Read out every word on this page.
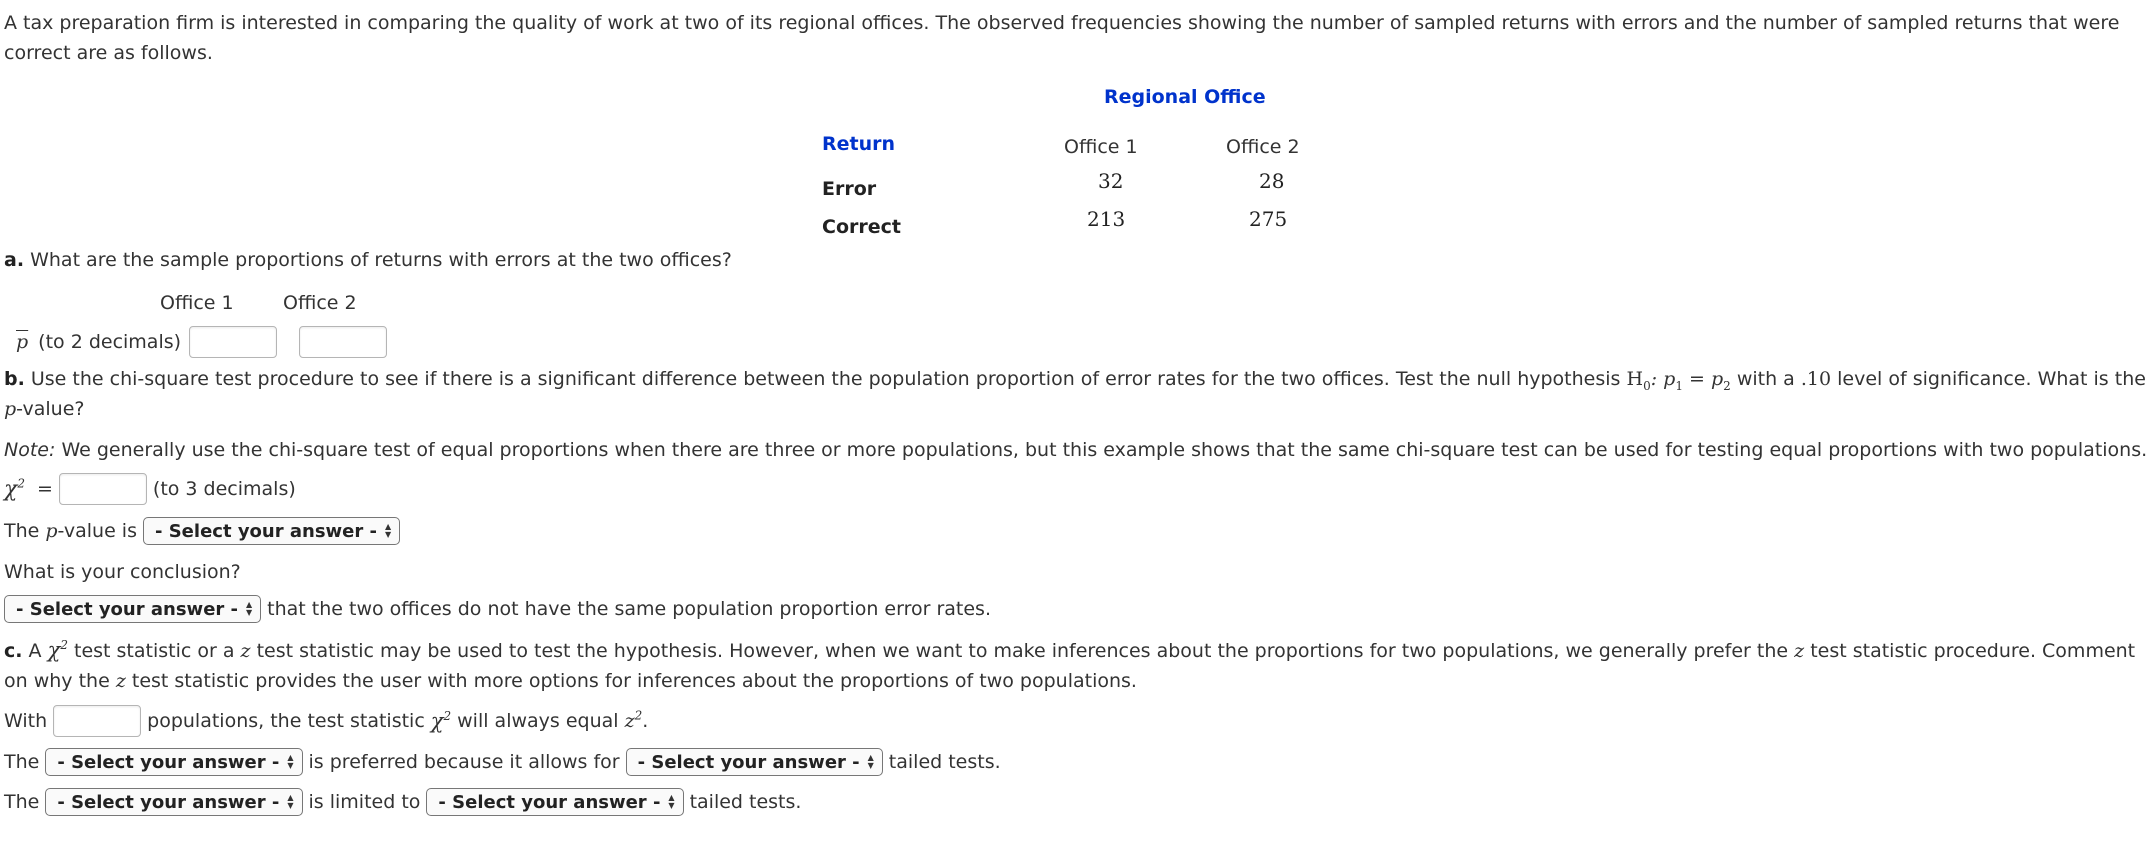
A tax preparation firm is interested in comparing the quality of work at two of its regional offices. The observed frequencies showing the number of sampled returns with errors and the number of sampled returns that were correct are as follows.
Regional Office
Return	Office 1	Office 2
Error	32	28
Correct	213	275
a. What are the sample proportions of returns with errors at the two offices?
Office 1	Office 2
$\overline{p}$ (to 2 decimals)
b. Use the chi-square test procedure to see if there is a significant difference between the population proportion of error rates for the two offices. Test the null hypothesis $H_0$: $p_1 = p_2$ with a .10 level of significance. What is the p-value?
Note: We generally use the chi-square test of equal proportions when there are three or more populations, but this example shows that the same chi-square test can be used for testing equal proportions with two populations.
$\chi^2$ =	(to 3 decimals)
The p -value is - Select your answer - ▲
▼
What is your conclusion?
- Select your answer - ▲
▼ that the two offices do not have the same population proportion error rates.
c. A $\chi^2$ test statistic or a z test statistic may be used to test the hypothesis. However, when we want to make inferences about the proportions for two populations, we generally prefer the z test statistic procedure. Comment on why the z test statistic provides the user with more options for inferences about the proportions of two populations.
With	populations, the test statistic $\chi^2$ will always equal $z^2$ .
The - Select your answer - ▲
▼ is preferred because it allows for - Select your answer - ▲
▼ tailed tests.
The - Select your answer - ▲
▼ is limited to - Select your answer - ▲
▼ tailed tests.
